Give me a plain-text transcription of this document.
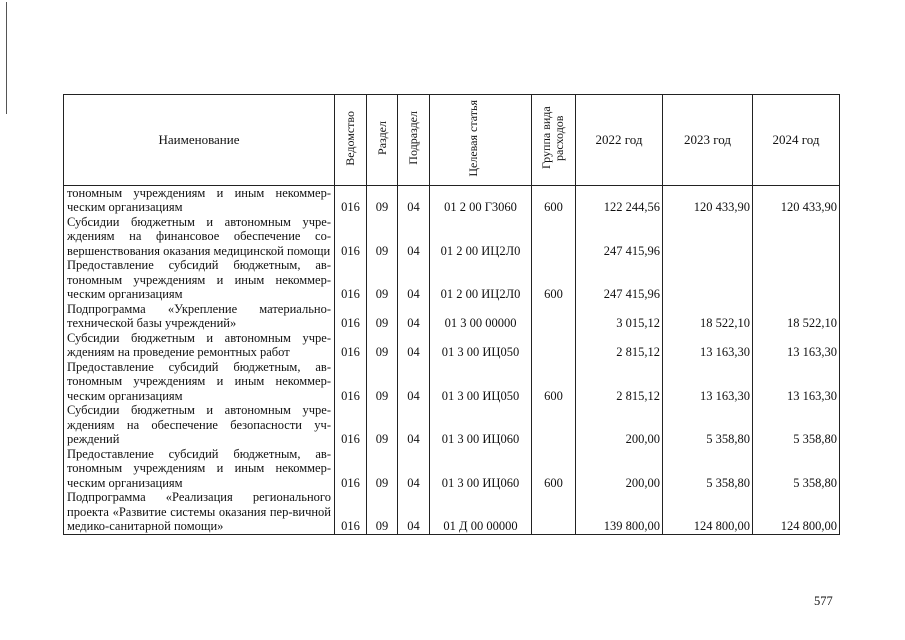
Наименование	Ведомство	Раздел	Подраздел	Целевая статья	Группа вида расходов	2022 год	2023 год	2024 год
тономным учреждениям и иным некоммер-ческим организациям	016	09	04	01 2 00 Г3060	600	122 244,56	120 433,90	120 433,90
Субсидии бюджетным и автономным учре-ждениям на финансовое обеспечение со-вершенствования оказания медицинской помощи	016	09	04	01 2 00 ИЦ2Л0		247 415,96		
Предоставление субсидий бюджетным, ав-тономным учреждениям и иным некоммер-ческим организациям	016	09	04	01 2 00 ИЦ2Л0	600	247 415,96		
Подпрограмма «Укрепление материально-технической базы учреждений»	016	09	04	01 3 00 00000		3 015,12	18 522,10	18 522,10
Субсидии бюджетным и автономным учре-ждениям на проведение ремонтных работ	016	09	04	01 3 00 ИЦ050		2 815,12	13 163,30	13 163,30
Предоставление субсидий бюджетным, ав-тономным учреждениям и иным некоммер-ческим организациям	016	09	04	01 3 00 ИЦ050	600	2 815,12	13 163,30	13 163,30
Субсидии бюджетным и автономным учре-ждениям на обеспечение безопасности уч-реждений	016	09	04	01 3 00 ИЦ060		200,00	5 358,80	5 358,80
Предоставление субсидий бюджетным, ав-тономным учреждениям и иным некоммер-ческим организациям	016	09	04	01 3 00 ИЦ060	600	200,00	5 358,80	5 358,80
Подпрограмма «Реализация регионального проекта «Развитие системы оказания пер-вичной медико-санитарной помощи»	016	09	04	01 Д 00 00000		139 800,00	124 800,00	124 800,00
577
